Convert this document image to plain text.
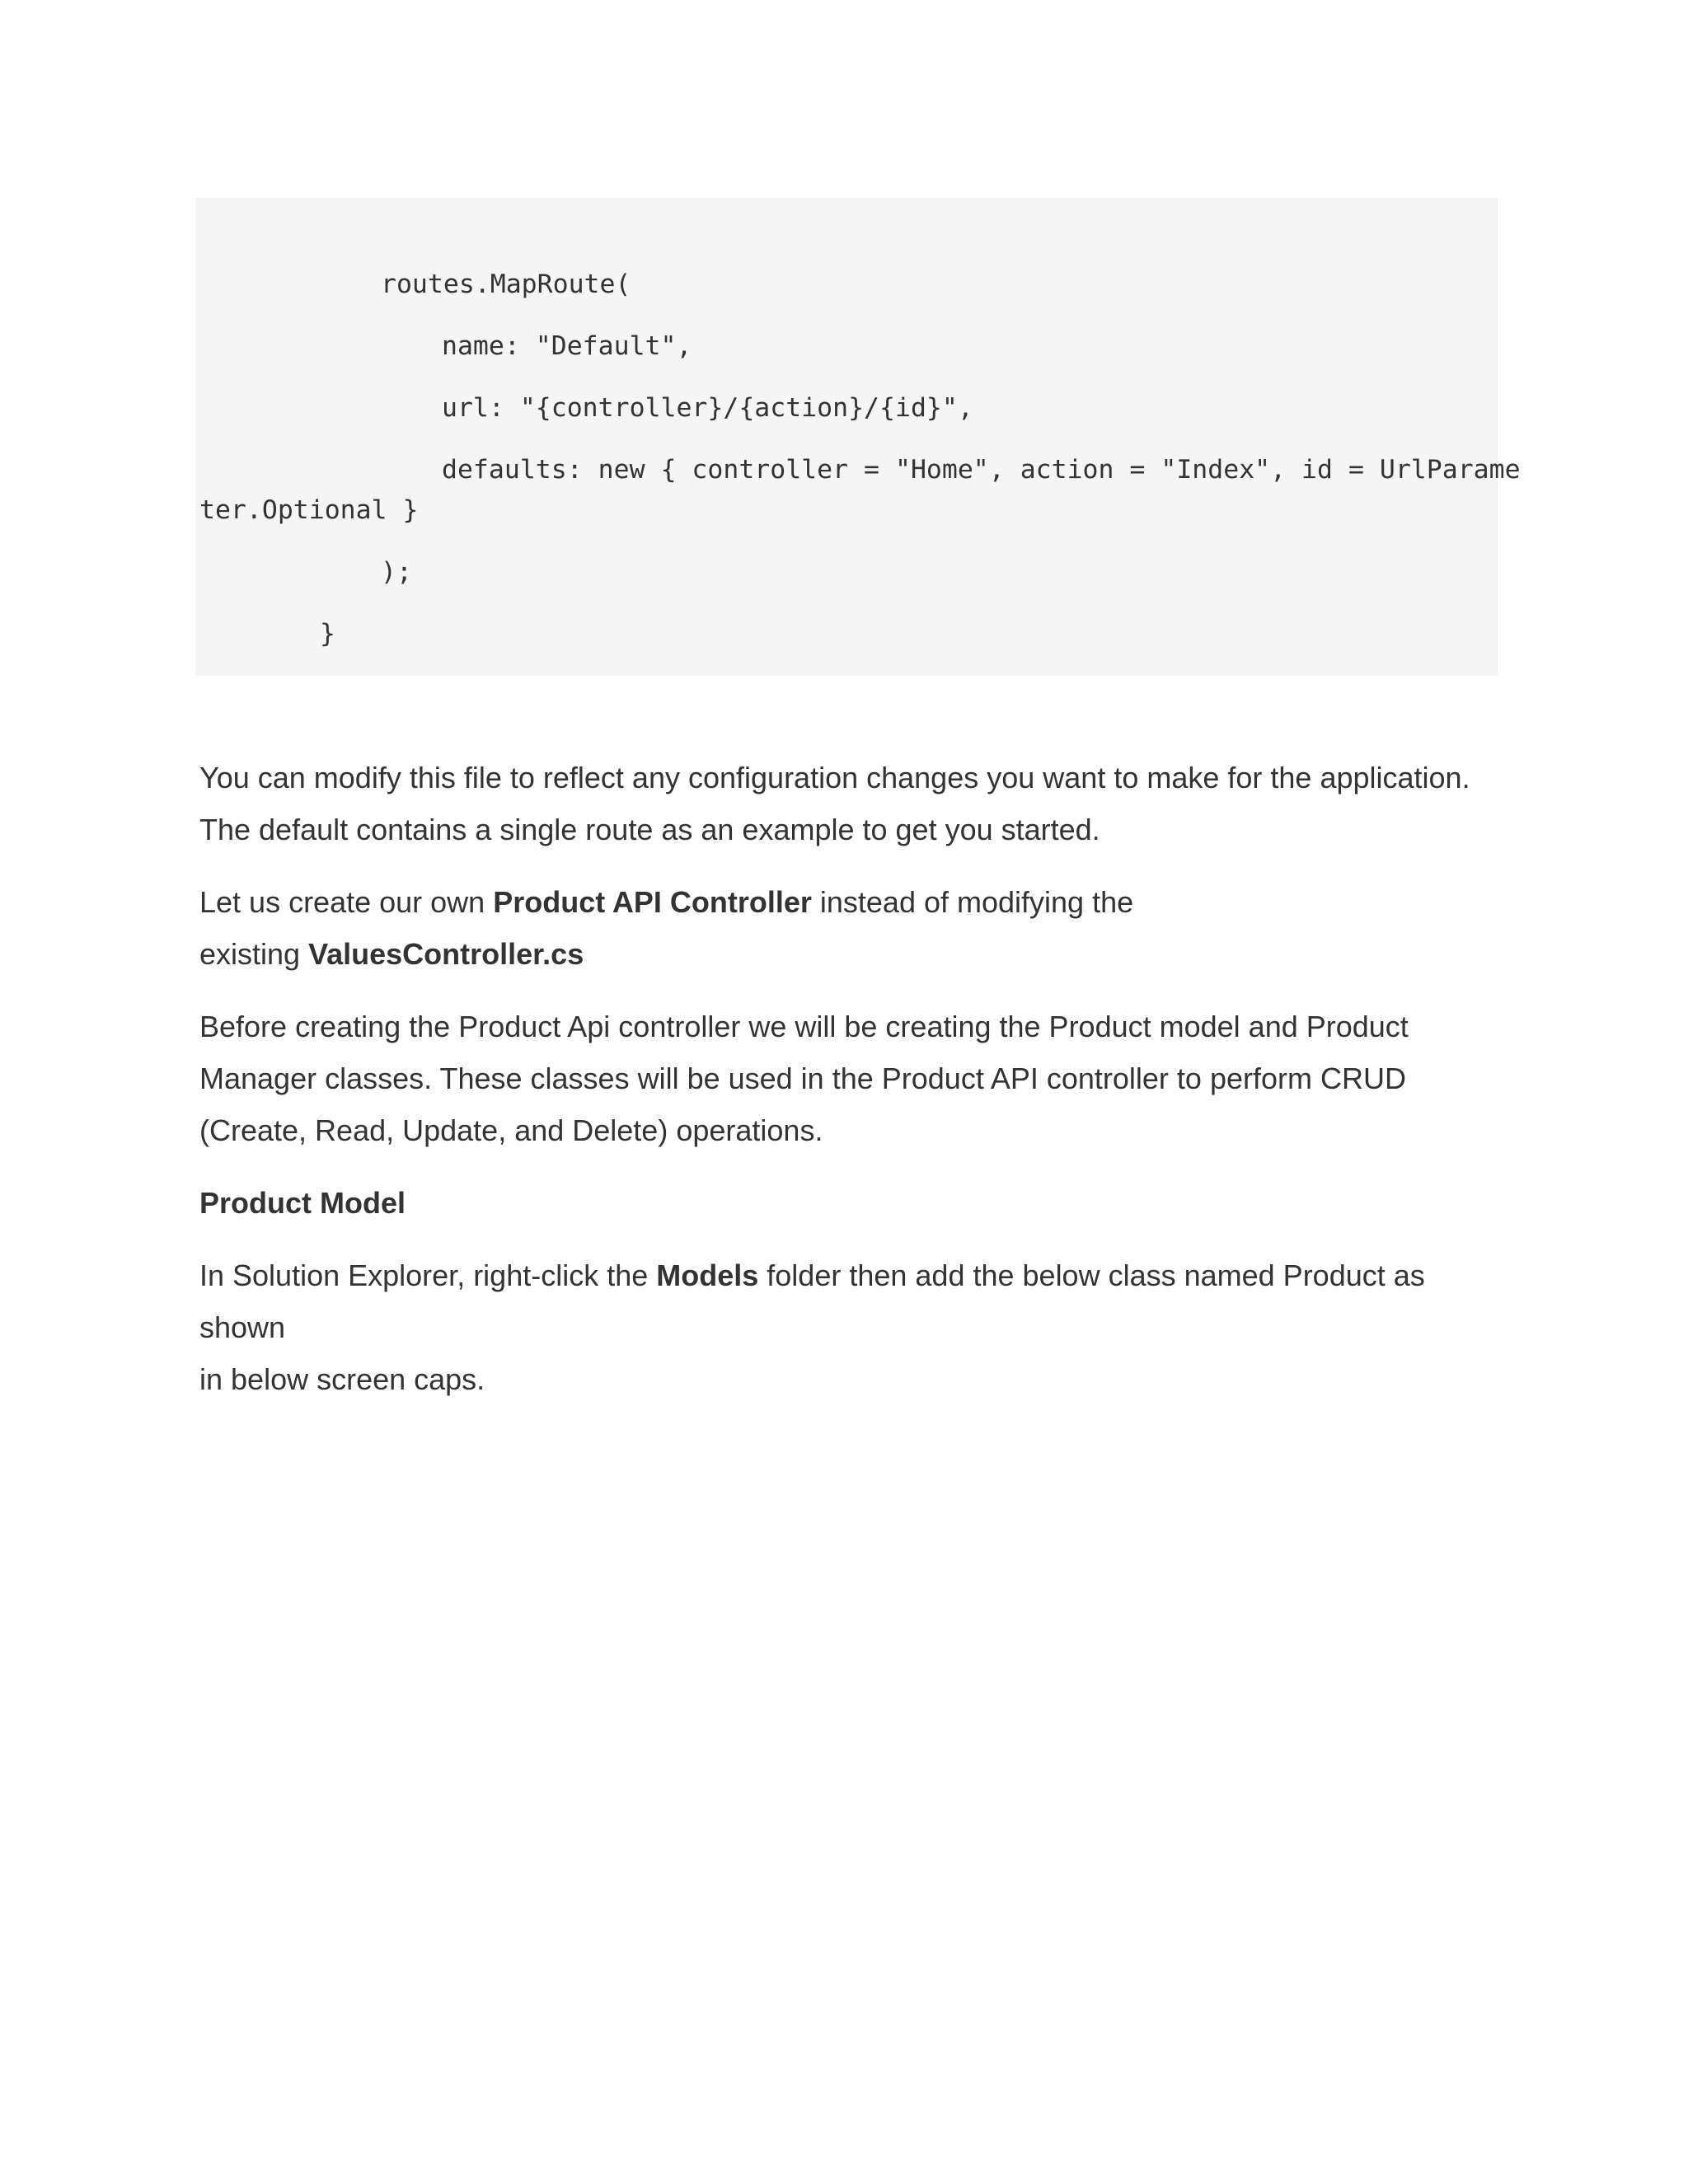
routes.MapRoute(
name: "Default",
url: "{controller}/{action}/{id}",
defaults: new { controller = "Home", action = "Index", id = UrlParame
ter.Optional }
);
}
You can modify this file to reflect any configuration changes you want to make for the application.
The default contains a single route as an example to get you started.
Let us create our own Product API Controller instead of modifying the
existing ValuesController.cs
Before creating the Product Api controller we will be creating the Product model and Product
Manager classes. These classes will be used in the Product API controller to perform CRUD
(Create, Read, Update, and Delete) operations.
Product Model
In Solution Explorer, right-click the Models folder then add the below class named Product as shown
in below screen caps.
